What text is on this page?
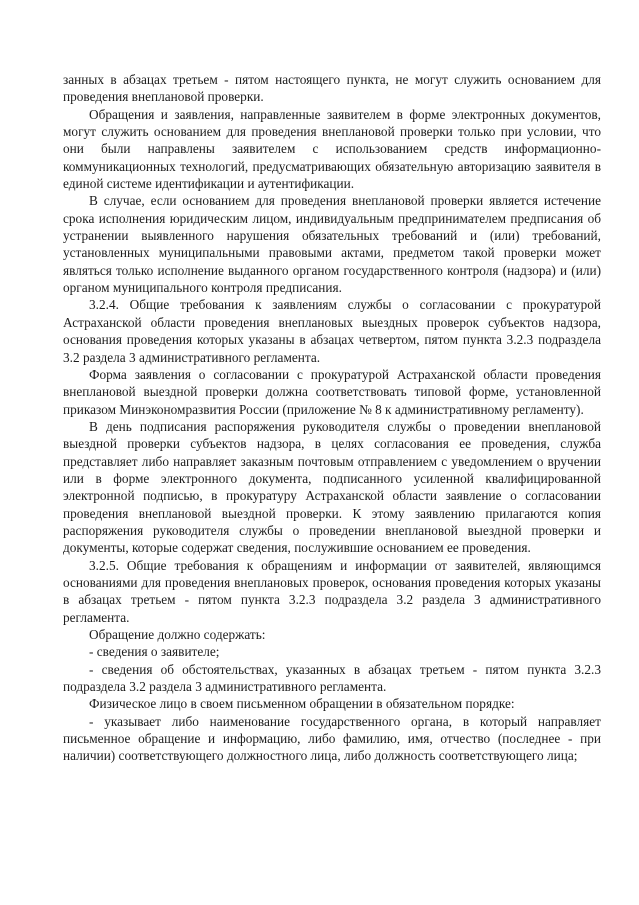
занных в абзацах третьем - пятом настоящего пункта, не могут служить основанием для проведения внеплановой проверки.

Обращения и заявления, направленные заявителем в форме электронных документов, могут служить основанием для проведения внеплановой проверки только при условии, что они были направлены заявителем с использованием средств информационно-коммуникационных технологий, предусматривающих обязательную авторизацию заявителя в единой системе идентификации и аутентификации.

В случае, если основанием для проведения внеплановой проверки является истечение срока исполнения юридическим лицом, индивидуальным предпринимателем предписания об устранении выявленного нарушения обязательных требований и (или) требований, установленных муниципальными правовыми актами, предметом такой проверки может являться только исполнение выданного органом государственного контроля (надзора) и (или) органом муниципального контроля предписания.

3.2.4. Общие требования к заявлениям службы о согласовании с прокуратурой Астраханской области проведения внеплановых выездных проверок субъектов надзора, основания проведения которых указаны в абзацах четвертом, пятом пункта 3.2.3 подраздела 3.2 раздела 3 административного регламента.

Форма заявления о согласовании с прокуратурой Астраханской области проведения внеплановой выездной проверки должна соответствовать типовой форме, установленной приказом Минэкономразвития России (приложение № 8 к административному регламенту).

В день подписания распоряжения руководителя службы о проведении внеплановой выездной проверки субъектов надзора, в целях согласования ее проведения, служба представляет либо направляет заказным почтовым отправлением с уведомлением о вручении или в форме электронного документа, подписанного усиленной квалифицированной электронной подписью, в прокуратуру Астраханской области заявление о согласовании проведения внеплановой выездной проверки. К этому заявлению прилагаются копия распоряжения руководителя службы о проведении внеплановой выездной проверки и документы, которые содержат сведения, послужившие основанием ее проведения.

3.2.5. Общие требования к обращениям и информации от заявителей, являющимся основаниями для проведения внеплановых проверок, основания проведения которых указаны в абзацах третьем - пятом пункта 3.2.3 подраздела 3.2 раздела 3 административного регламента.

Обращение должно содержать:

- сведения о заявителе;

- сведения об обстоятельствах, указанных в абзацах третьем - пятом пункта 3.2.3 подраздела 3.2 раздела 3 административного регламента.

Физическое лицо в своем письменном обращении в обязательном порядке:

- указывает либо наименование государственного органа, в который направляет письменное обращение и информацию, либо фамилию, имя, отчество (последнее - при наличии) соответствующего должностного лица, либо должность соответствующего лица;
